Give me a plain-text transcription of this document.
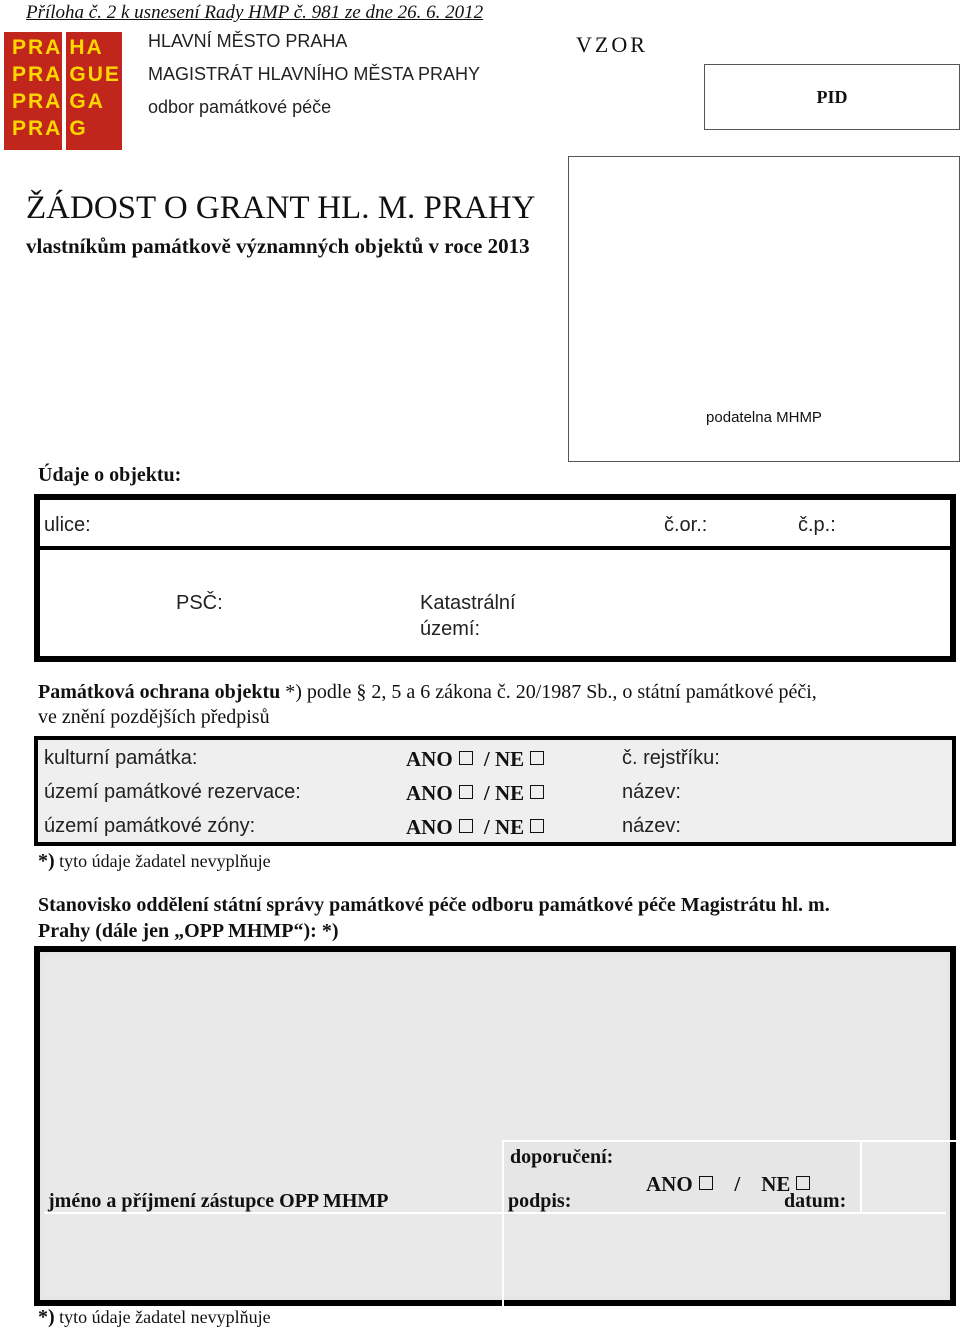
Příloha č. 2 k usnesení Rady HMP č. 981 ze dne 26. 6. 2012
PRA HA
PRA GUE
PRA GA
PRA G
HLAVNÍ MĚSTO PRAHA
MAGISTRÁT HLAVNÍHO MĚSTA PRAHY
odbor památkové péče
VZOR
PID
podatelna MHMP
ŽÁDOST O GRANT HL. M. PRAHY
vlastníkům památkově významných objektů v roce 2013
Údaje o objektu:
ulice:	č.or.:	č.p.:
PSČ:	Katastrální
území:
Památková ochrana objektu *) podle § 2, 5 a 6 zákona č. 20/1987 Sb., o státní památkové péči,
ve znění pozdějších předpisů
kulturní památka:	ANO / NE	č. rejstříku:
území památkové rezervace:	ANO / NE	název:
území památkové zóny:	ANO / NE	název:
*) tyto údaje žadatel nevyplňuje
Stanovisko oddělení státní správy památkové péče odboru památkové péče Magistrátu hl. m.
Prahy (dále jen „OPP MHMP“): *)
doporučení:
ANO / NE
jméno a příjmení zástupce OPP MHMP	podpis:	datum:
*) tyto údaje žadatel nevyplňuje
